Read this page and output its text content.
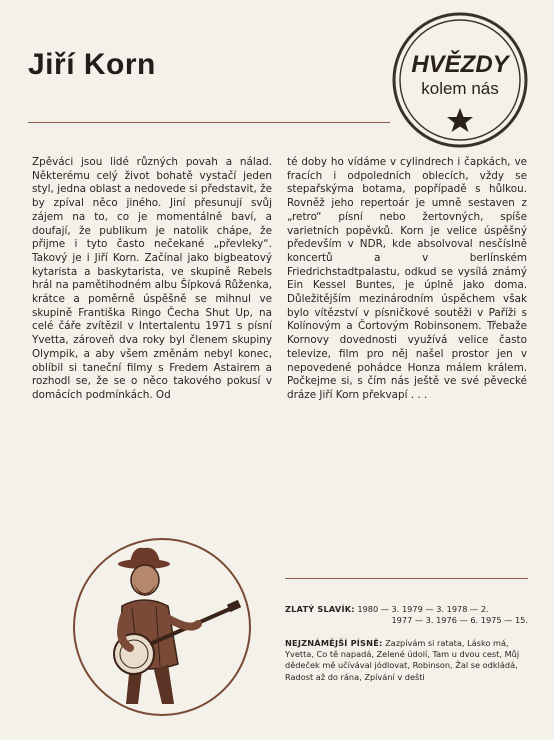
Jiří Korn	HVĚZDY
kolem nás
Zpěváci jsou lidé různých povah a nálad. Některému celý život bohatě vystačí jeden styl, jedna oblast a nedovede si představit, že by zpíval něco jiného. Jiní přesunují svůj zájem na to, co je momentálně baví, a doufají, že publikum je natolik chápe, že přijme i tyto často nečekané „převleky“. Takový je i Jiří Korn. Začínal jako bigbeatový kytarista a baskytarista, ve skupině Rebels hrál na pamětihodném albu Šípková Růženka, krátce a poměrně úspěšně se mihnul ve skupině Františka Ringo Čecha Shut Up, na celé čáře zvítězil v Intertalentu 1971 s písní Yvetta, zároveň dva roky byl členem skupiny Olympik, a aby všem změnám nebyl konec, oblíbil si taneční filmy s Fredem Astairem a rozhodl se, že se o něco takového pokusí v domácích podmínkách. Od
té doby ho vídáme v cylindrech i čapkách, ve fracích i odpoledních oblecích, vždy se stepařskýma botama, popřípadě s hůlkou. Rovněž jeho repertoár je umně sestaven z „retro“ písní nebo žertovných, spíše varietních popěvků. Korn je velice úspěšný především v NDR, kde absolvoval nesčíslně koncertů a v berlínském Friedrichstadtpalastu, odkud se vysílá známý Ein Kessel Buntes, je úplně jako doma. Důležitějším mezinárodním úspěchem však bylo vítězství v písničkové soutěži v Paříži s Kolínovým a Čortovým Robinsonem. Třebaže Kornovy dovednosti využívá velice často televize, film pro něj našel prostor jen v nepovedené pohádce Honza málem králem. Počkejme si, s čím nás ještě ve své pěvecké dráze Jiří Korn překvapí . . .
ZLATÝ SLAVÍK: 1980 — 3. 1979 — 3. 1978 — 2.
1977 — 3. 1976 — 6. 1975 — 15.
NEJZNÁMĚJŠÍ PÍSNĚ: Zazpívám si ratata, Lásko má, Yvetta, Co tě napadá, Zelené údolí, Tam u dvou cest, Můj dědeček mě učívával jódlovat, Robinson, Žal se odkládá, Radost až do rána, Zpívání v dešti
